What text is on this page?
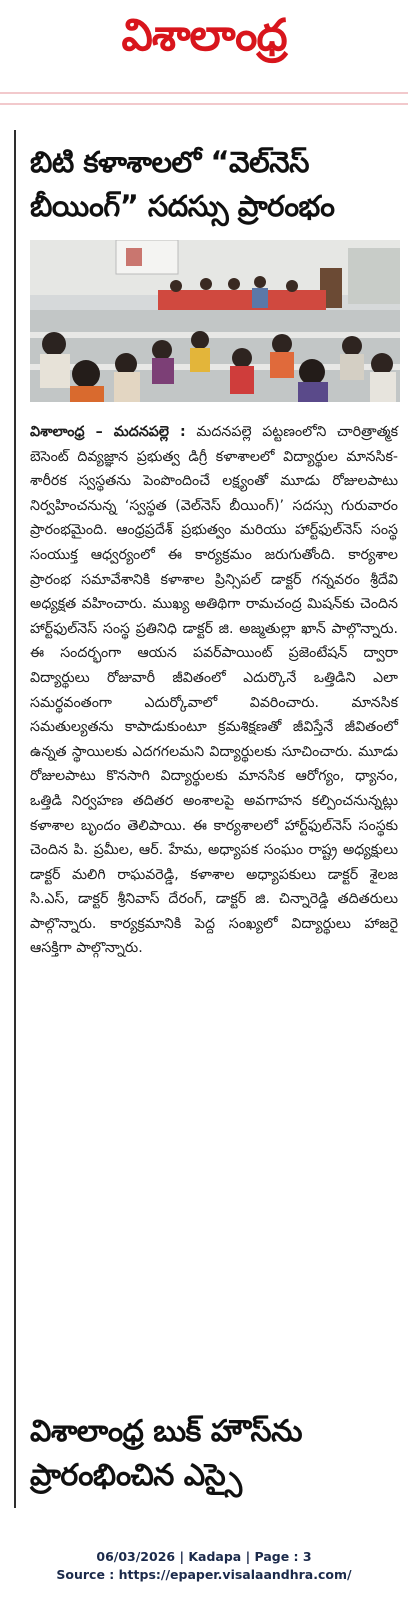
విశాలాంధ్ర
బిటి కళాశాలలో “వెల్‌నెస్ బీయింగ్” సదస్సు ప్రారంభం
విశాలాంధ్ర – మదనపల్లె : మదనపల్లె పట్టణంలోని చారిత్రాత్మక బెసెంట్ దివ్యజ్ఞాన ప్రభుత్వ డిగ్రీ కళాశాలలో విద్యార్థుల మానసిక-శారీరక స్వస్థతను పెంపొందించే లక్ష్యంతో మూడు రోజులపాటు నిర్వహించనున్న ‘స్వస్థత (వెల్‌నెస్ బీయింగ్)’ సదస్సు గురువారం ప్రారంభమైంది. ఆంధ్రప్రదేశ్ ప్రభుత్వం మరియు హార్ట్‌ఫుల్‌నెస్ సంస్థ సంయుక్త ఆధ్వర్యంలో ఈ కార్యక్రమం జరుగుతోంది. కార్యశాల ప్రారంభ సమావేశానికి కళాశాల ప్రిన్సిపల్ డాక్టర్ గన్నవరం శ్రీదేవి అధ్యక్షత వహించారు. ముఖ్య అతిథిగా రామచంద్ర మిషన్‌కు చెందిన హార్ట్‌ఫుల్‌నెస్ సంస్థ ప్రతినిధి డాక్టర్ జి. అజ్మతుల్లా ఖాన్ పాల్గొన్నారు. ఈ సందర్భంగా ఆయన పవర్‌పాయింట్ ప్రజెంటేషన్ ద్వారా విద్యార్థులు రోజువారీ జీవితంలో ఎదుర్కొనే ఒత్తిడిని ఎలా సమర్థవంతంగా ఎదుర్కోవాలో వివరించారు. మానసిక సమతుల్యతను కాపాడుకుంటూ క్రమశిక్షణతో జీవిస్తేనే జీవితంలో ఉన్నత స్థాయిలకు ఎదగగలమని విద్యార్థులకు సూచించారు. మూడు రోజులపాటు కొనసాగి విద్యార్థులకు మానసిక ఆరోగ్యం, ధ్యానం, ఒత్తిడి నిర్వహణ తదితర అంశాలపై అవగాహన కల్పించనున్నట్లు కళాశాల బృందం తెలిపాయి. ఈ కార్యశాలలో హార్ట్‌ఫుల్‌నెస్ సంస్థకు చెందిన పి. ప్రమీల, ఆర్. హేమ, అధ్యాపక సంఘం రాష్ట్ర అధ్యక్షులు డాక్టర్ మలిగి రాఘవరెడ్డి, కళాశాల అధ్యాపకులు డాక్టర్ శైలజ సి.ఎస్, డాక్టర్ శ్రీనివాస్ దేరంగ్, డాక్టర్ జి. చిన్నారెడ్డి తదితరులు పాల్గొన్నారు. కార్యక్రమానికి పెద్ద సంఖ్యలో విద్యార్థులు హాజరై ఆసక్తిగా పాల్గొన్నారు.
విశాలాంధ్ర బుక్ హౌస్‌ను ప్రారంభించిన ఎస్సై
06/03/2026 | Kadapa | Page : 3
Source : https://epaper.visalaandhra.com/
